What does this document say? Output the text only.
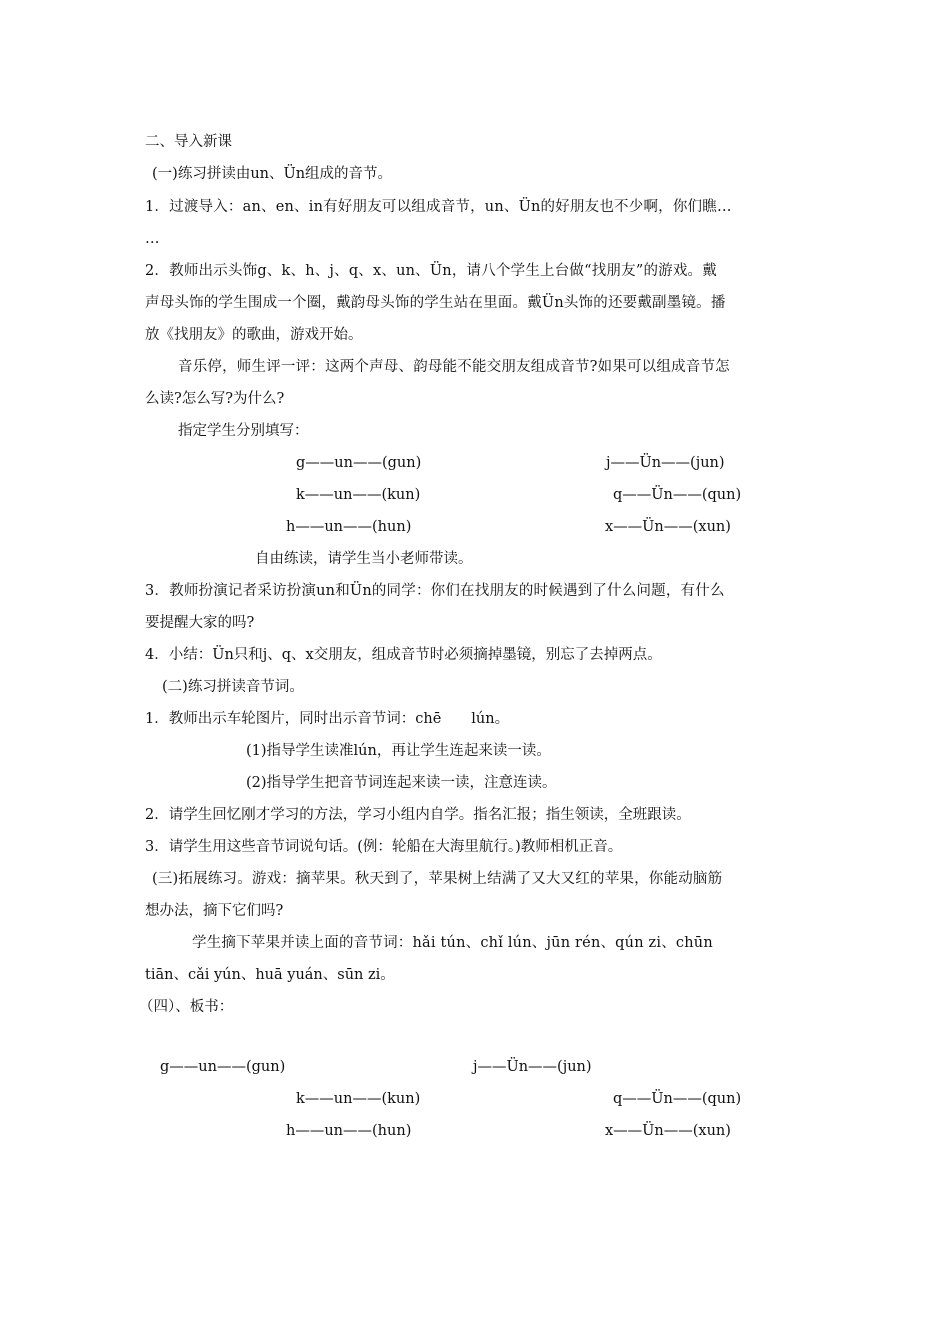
二、导入新课
(一)练习拼读由un、Ün组成的音节。
1．过渡导入：an、en、in有好朋友可以组成音节，un、Ün的好朋友也不少啊，你们瞧…
…
2．教师出示头饰g、k、h、j、q、x、un、Ün，请八个学生上台做“找朋友”的游戏。戴
声母头饰的学生围成一个圈，戴韵母头饰的学生站在里面。戴Ün头饰的还要戴副墨镜。播
放《找朋友》的歌曲，游戏开始。
音乐停，师生评一评：这两个声母、韵母能不能交朋友组成音节?如果可以组成音节怎
么读?怎么写?为什么?
指定学生分别填写：
g——un——(gun)
k——un——(kun)
h——un——(hun)
j——Ün——(jun)
q——Ün——(qun)
x——Ün——(xun)
自由练读，请学生当小老师带读。
3．教师扮演记者采访扮演un和Ün的同学：你们在找朋友的时候遇到了什么问题，有什么
要提醒大家的吗?
4．小结：Ün只和j、q、x交朋友，组成音节时必须摘掉墨镜，别忘了去掉两点。
(二)练习拼读音节词。
1．教师出示车轮图片，同时出示音节词：chē lún。
(1)指导学生读准lún，再让学生连起来读一读。
(2)指导学生把音节词连起来读一读，注意连读。
2．请学生回忆刚才学习的方法，学习小组内自学。指名汇报；指生领读，全班跟读。
3．请学生用这些音节词说句话。(例：轮船在大海里航行。)教师相机正音。
(三)拓展练习。游戏：摘苹果。秋天到了，苹果树上结满了又大又红的苹果，你能动脑筋
想办法，摘下它们吗?
学生摘下苹果并读上面的音节词：hǎi tún、chǐ lún、jūn rén、qún zi、chūn
tiān、cǎi yún、huā yuán、sūn zi。
（四）、板书：
g——un——(gun)
k——un——(kun)
h——un——(hun)
j——Ün——(jun)
q——Ün——(qun)
x——Ün——(xun)
